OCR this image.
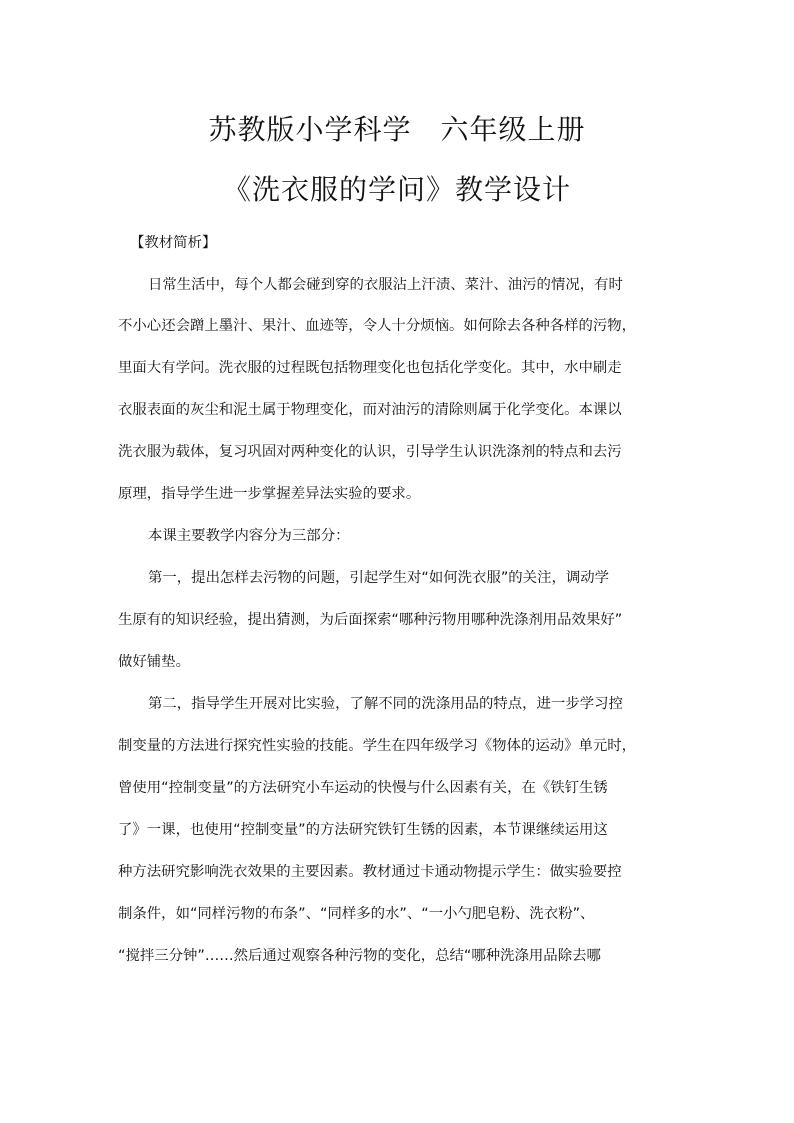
苏教版小学科学　六年级上册
《洗衣服的学问》教学设计
【教材简析】
日常生活中，每个人都会碰到穿的衣服沾上汗渍、菜汁、油污的情况，有时
不小心还会蹭上墨汁、果汁、血迹等，令人十分烦恼。如何除去各种各样的污物，
里面大有学问。洗衣服的过程既包括物理变化也包括化学变化。其中，水中刷走
衣服表面的灰尘和泥土属于物理变化，而对油污的清除则属于化学变化。本课以
洗衣服为载体，复习巩固对两种变化的认识，引导学生认识洗涤剂的特点和去污
原理，指导学生进一步掌握差异法实验的要求。
本课主要教学内容分为三部分：
第一，提出怎样去污物的问题，引起学生对“如何洗衣服”的关注，调动学
生原有的知识经验，提出猜测，为后面探索“哪种污物用哪种洗涤剂用品效果好”
做好铺垫。
第二，指导学生开展对比实验，了解不同的洗涤用品的特点，进一步学习控
制变量的方法进行探究性实验的技能。学生在四年级学习《物体的运动》单元时，
曾使用“控制变量”的方法研究小车运动的快慢与什么因素有关，在《铁钉生锈
了》一课，也使用“控制变量”的方法研究铁钉生锈的因素，本节课继续运用这
种方法研究影响洗衣效果的主要因素。教材通过卡通动物提示学生：做实验要控
制条件，如“同样污物的布条”、“同样多的水”、“一小勺肥皂粉、洗衣粉”、
“搅拌三分钟”……然后通过观察各种污物的变化，总结“哪种洗涤用品除去哪
